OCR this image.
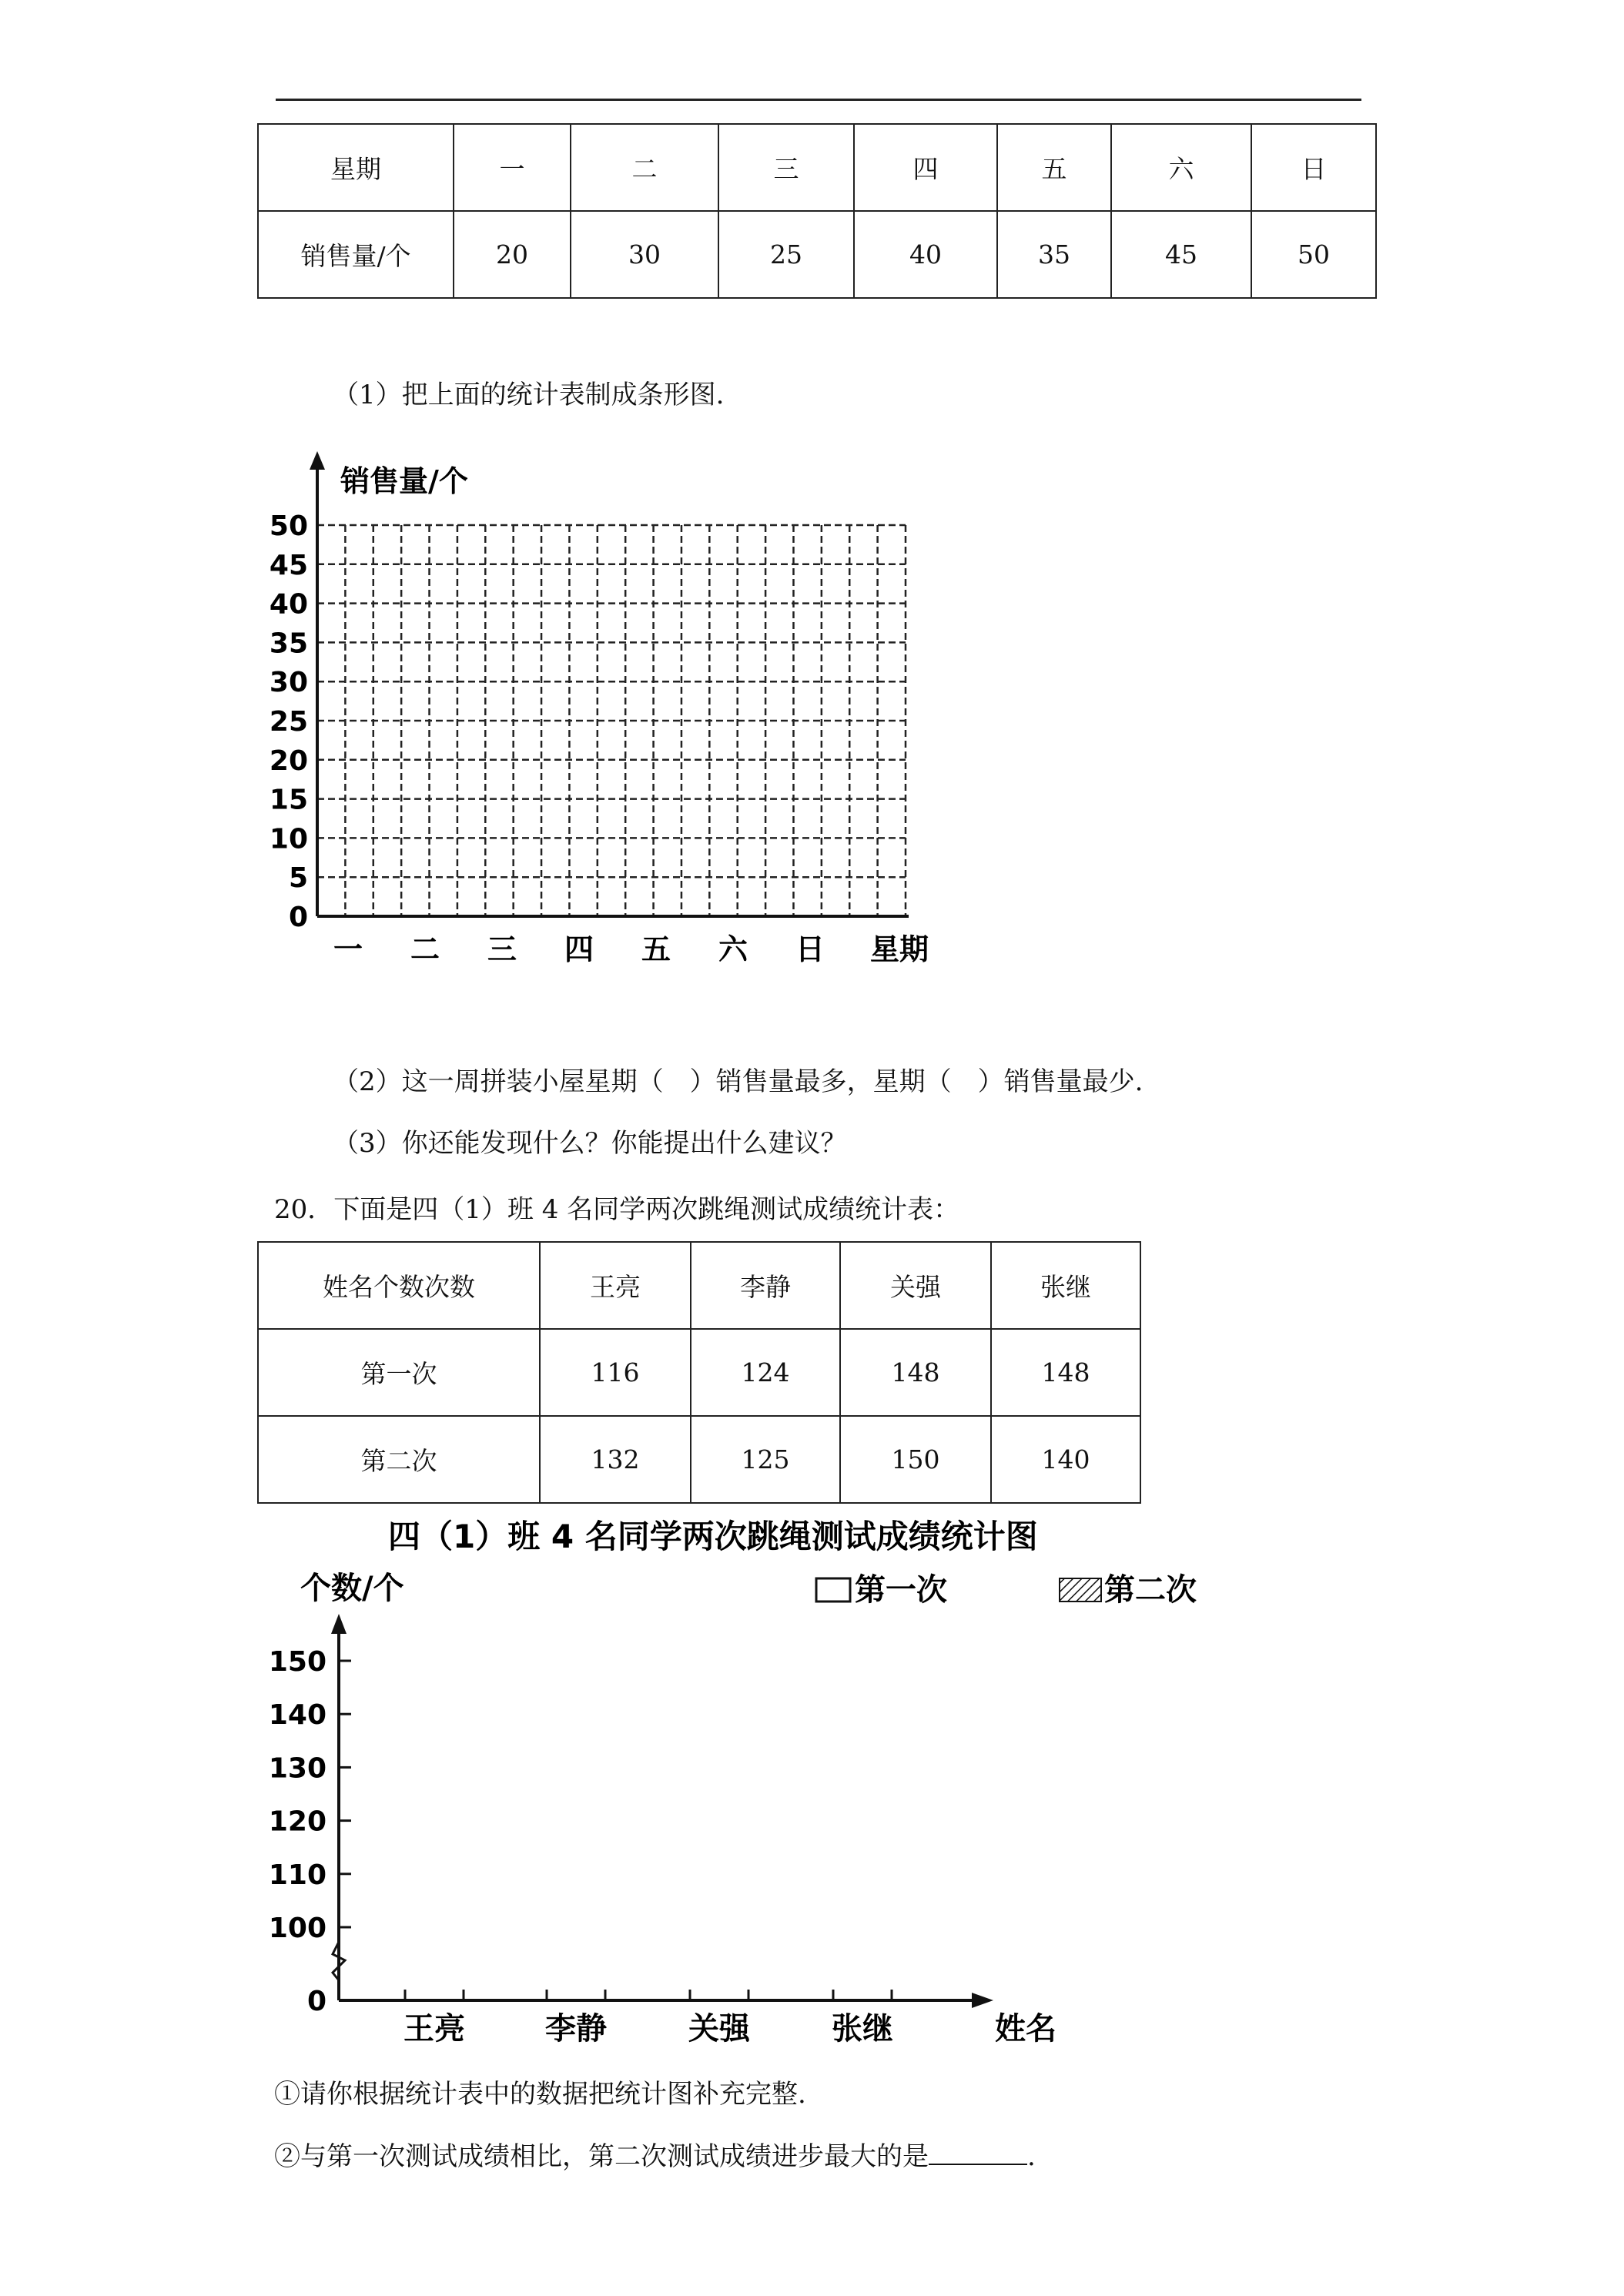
星期	一	二	三	四	五	六	日
销售量/个	20	30	25	40	35	45	50
（1）把上面的统计表制成条形图.
销售量/个
0
5
10
15
20
25
30
35
40
45
50
一 二 三 四 五 六 日 星期
（2）这一周拼装小屋星期（　）销售量最多，星期（　）销售量最少.
（3）你还能发现什么？你能提出什么建议？
20．下面是四（1）班 4 名同学两次跳绳测试成绩统计表：
姓名个数次数	王亮	李静	关强	张继
第一次	116	124	148	148
第二次	132	125	150	140
四（1）班 4 名同学两次跳绳测试成绩统计图
个数/个	第一次	第二次
0
100
110
120
130
140
150
王亮	李静	关强	张继	姓名
①请你根据统计表中的数据把统计图补充完整.
②与第一次测试成绩相比，第二次测试成绩进步最大的是	.
